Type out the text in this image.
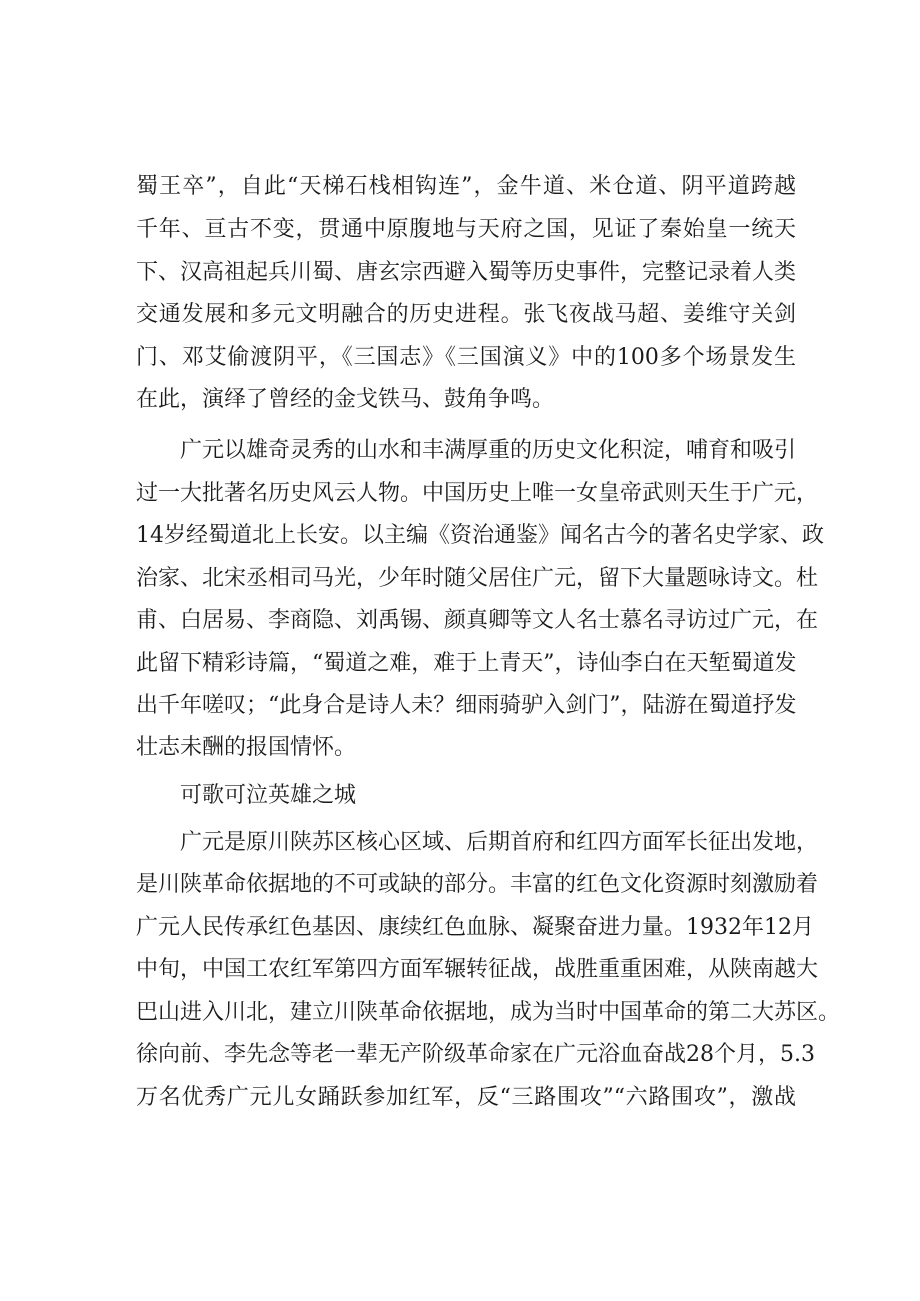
蜀王卒”，自此“天梯石栈相钩连”，金牛道、米仓道、阴平道跨越
千年、亘古不变，贯通中原腹地与天府之国，见证了秦始皇一统天
下、汉高祖起兵川蜀、唐玄宗西避入蜀等历史事件，完整记录着人类
交通发展和多元文明融合的历史进程。张飞夜战马超、姜维守关剑
门、邓艾偷渡阴平，《三国志》《三国演义》中的100多个场景发生
在此，演绎了曾经的金戈铁马、鼓角争鸣。
广元以雄奇灵秀的山水和丰满厚重的历史文化积淀，哺育和吸引
过一大批著名历史风云人物。中国历史上唯一女皇帝武则天生于广元，
14岁经蜀道北上长安。以主编《资治通鉴》闻名古今的著名史学家、政
治家、北宋丞相司马光，少年时随父居住广元，留下大量题咏诗文。杜
甫、白居易、李商隐、刘禹锡、颜真卿等文人名士慕名寻访过广元，在
此留下精彩诗篇，“蜀道之难，难于上青天”，诗仙李白在天堑蜀道发
出千年嗟叹；“此身合是诗人未？细雨骑驴入剑门”，陆游在蜀道抒发
壮志未酬的报国情怀。
可歌可泣英雄之城
广元是原川陕苏区核心区域、后期首府和红四方面军长征出发地，
是川陕革命依据地的不可或缺的部分。丰富的红色文化资源时刻激励着
广元人民传承红色基因、康续红色血脉、凝聚奋进力量。1932年12月
中旬，中国工农红军第四方面军辗转征战，战胜重重困难，从陕南越大
巴山进入川北，建立川陕革命依据地，成为当时中国革命的第二大苏区。
徐向前、李先念等老一辈无产阶级革命家在广元浴血奋战28个月，5.3
万名优秀广元儿女踊跃参加红军，反“三路围攻”“六路围攻”，激战
